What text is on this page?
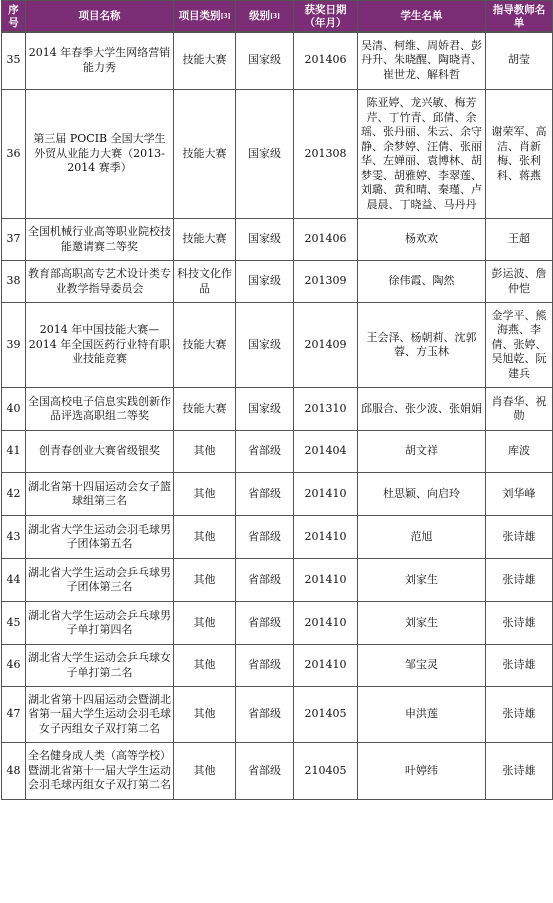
序号	项目名称	项目类别[3]	级别[3]	获奖日期（年月）	学生名单	指导教师名单
35	2014 年春季大学生网络营销能力秀	技能大赛	国家级	201406	吴清、柯维、周娇君、彭丹升、朱晓醒、陶晓青、崔世龙、解科哲	胡莹
36	第三届 POCIB 全国大学生外贸从业能力大赛（2013-2014 赛季）	技能大赛	国家级	201308	陈亚婷、龙兴敏、梅芳芹、丁竹青、邱倩、余瑶、张丹丽、朱云、余守静、余梦婷、汪倩、张丽华、左婵丽、袁博林、胡梦雯、胡雅婷、李翠莲、刘璐、黄和晴、秦瑾、卢晨晨、丁晓益、马丹丹	谢荣军、高洁、肖新梅、张利科、蒋燕
37	全国机械行业高等职业院校技能邀请赛二等奖	技能大赛	国家级	201406	杨欢欢	王超
38	教育部高职高专艺术设计类专业教学指导委员会	科技文化作品	国家级	201309	徐伟霞、陶然	彭运波、詹仲恺
39	2014 年中国技能大赛—2014 年全国医药行业特有职业技能竞赛	技能大赛	国家级	201409	王会泽、杨朝莉、沈郭蓉、方玉林	金学平、熊海燕、李倩、张婷、吴旭乾、阮建兵
40	全国高校电子信息实践创新作品评选高职组二等奖	技能大赛	国家级	201310	邱服合、张少波、张娟娟	肖春华、祝勋
41	创青春创业大赛省级银奖	其他	省部级	201404	胡文祥	库波
42	湖北省第十四届运动会女子篮球组第三名	其他	省部级	201410	杜思颖、向启玲	刘华峰
43	湖北省大学生运动会羽毛球男子团体第五名	其他	省部级	201410	范旭	张诗雄
44	湖北省大学生运动会乒乓球男子团体第三名	其他	省部级	201410	刘家生	张诗雄
45	湖北省大学生运动会乒乓球男子单打第四名	其他	省部级	201410	刘家生	张诗雄
46	湖北省大学生运动会乒乓球女子单打第二名	其他	省部级	201410	邹宝灵	张诗雄
47	湖北省第十四届运动会暨湖北省第一届大学生运动会羽毛球女子丙组女子双打第二名	其他	省部级	201405	申洪莲	张诗雄
48	全名健身成人类（高等学校）暨湖北省第十一届大学生运动会羽毛球丙组女子双打第二名	其他	省部级	210405	叶婷纬	张诗雄
